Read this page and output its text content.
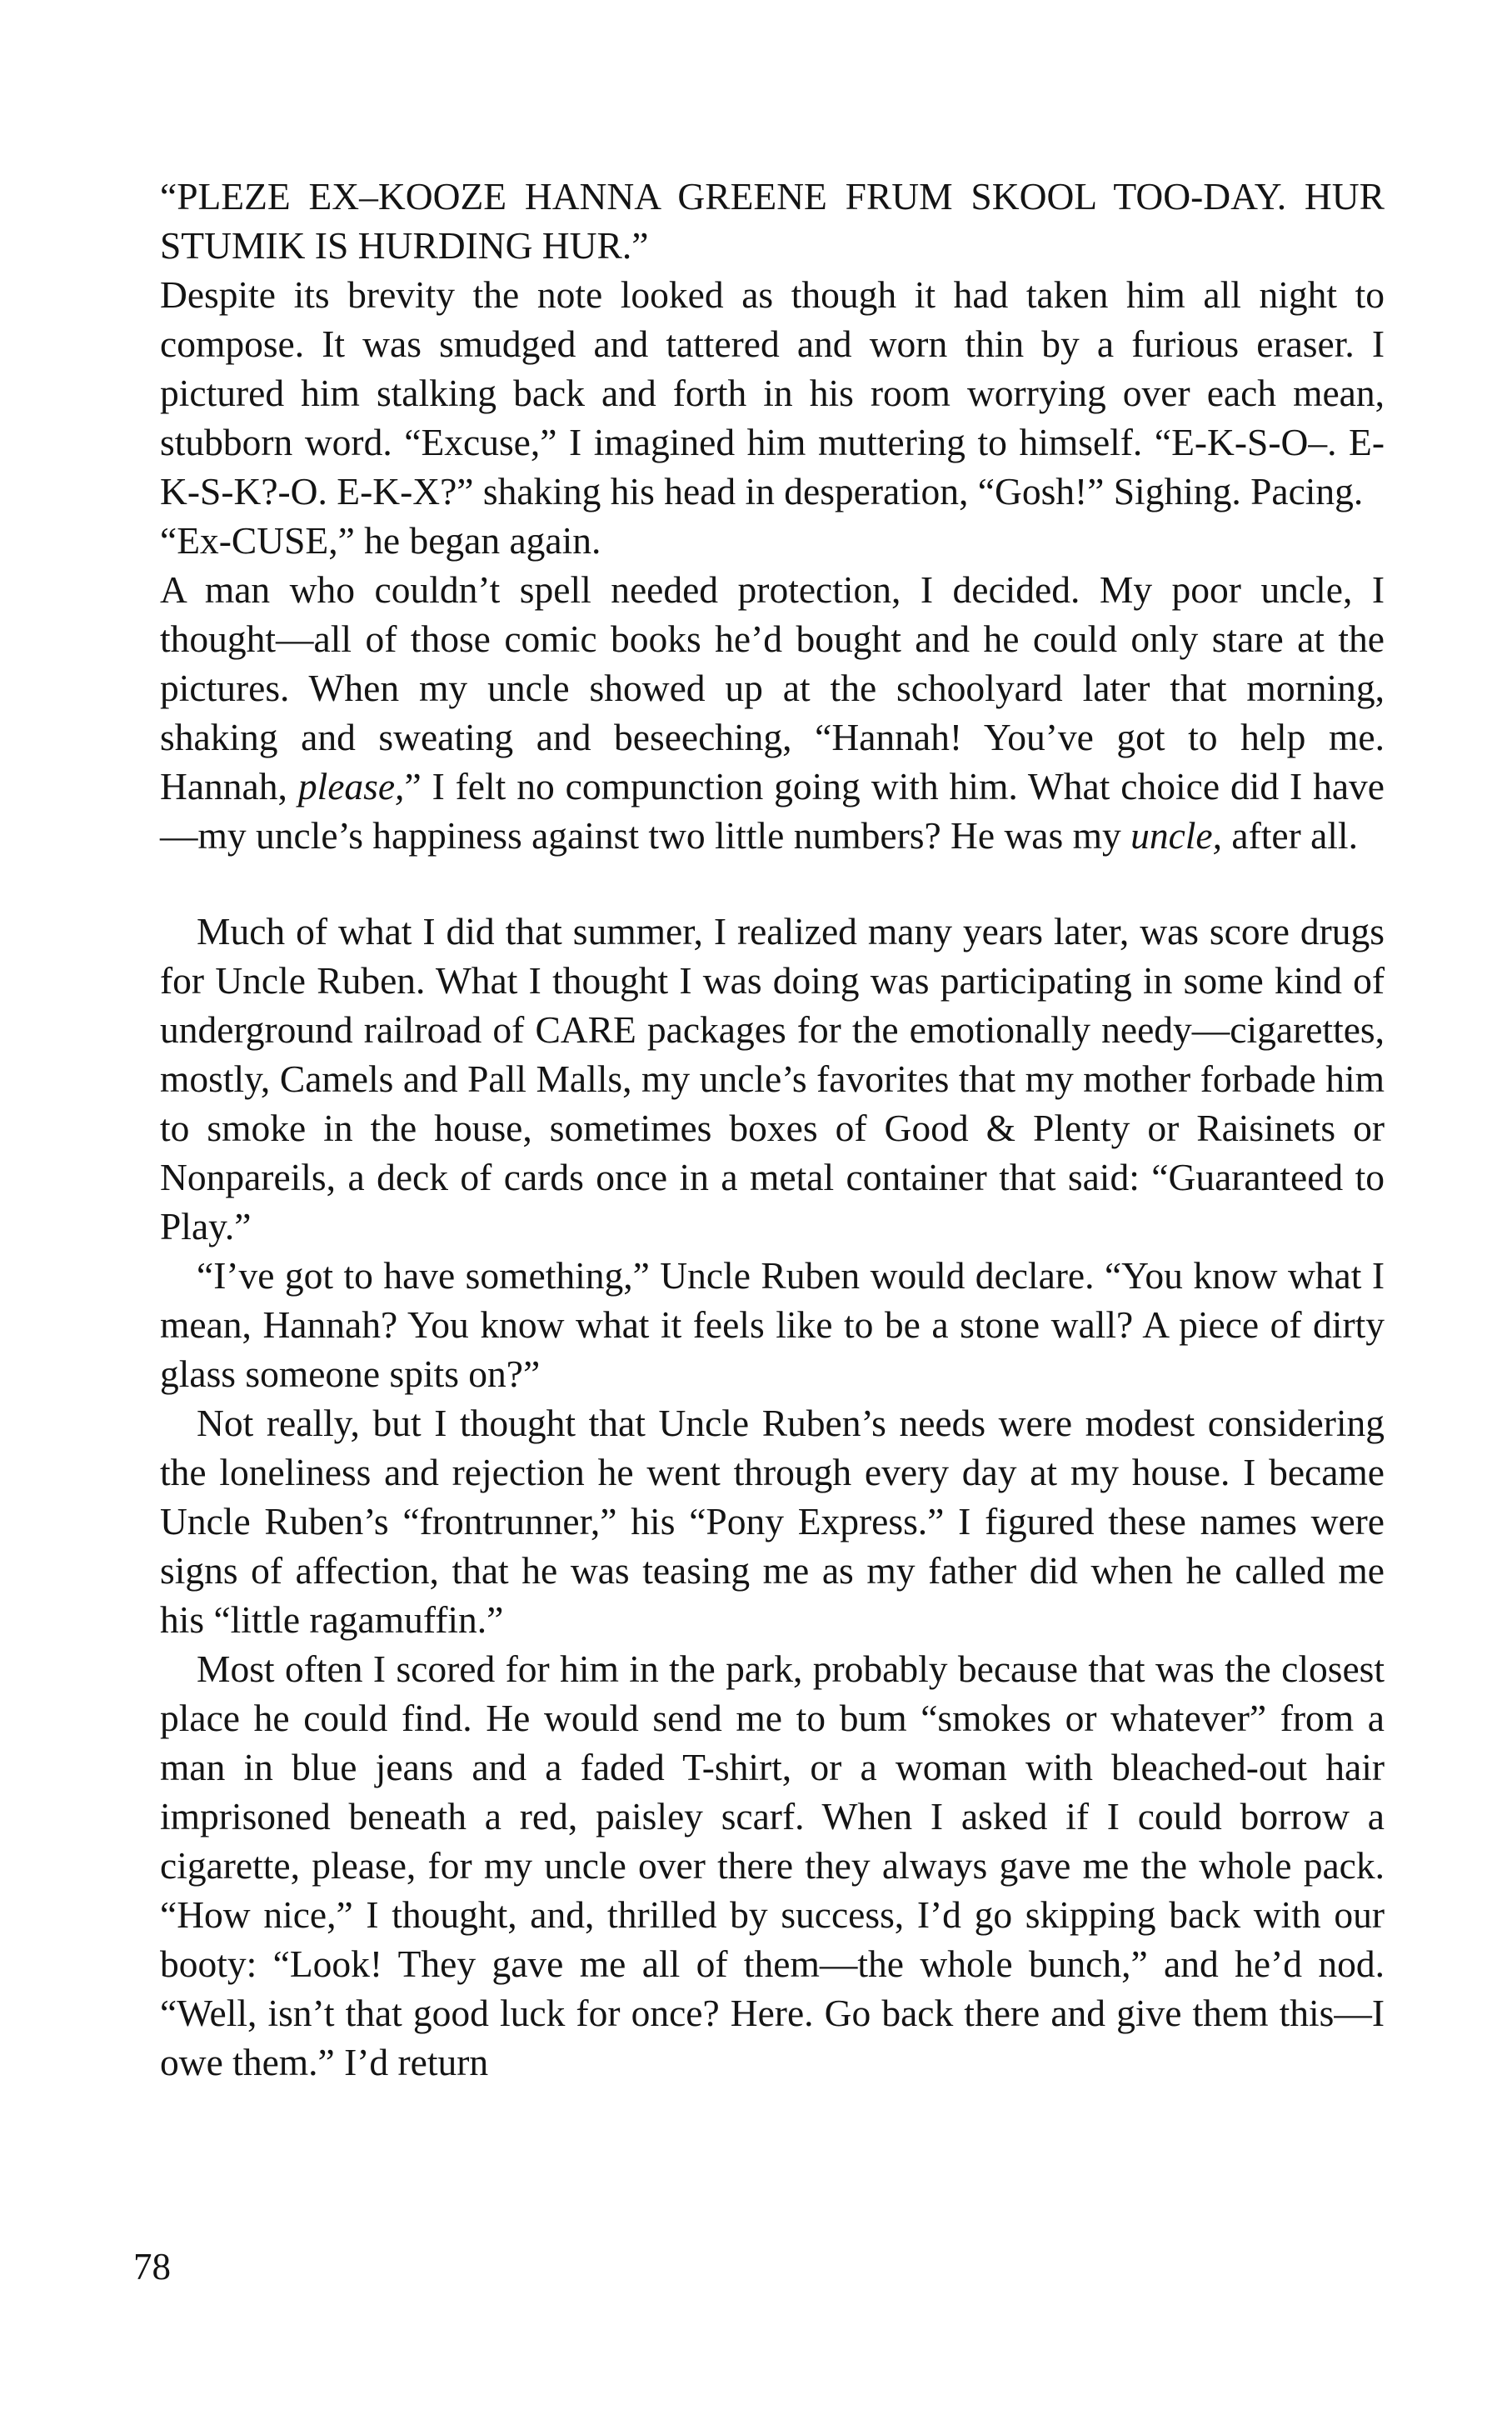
“PLEZE EX–KOOZE HANNA GREENE FRUM SKOOL TOO-DAY. HUR STUMIK IS HURDING HUR.”

Despite its brevity the note looked as though it had taken him all night to compose. It was smudged and tattered and worn thin by a furious eraser. I pictured him stalking back and forth in his room worrying over each mean, stubborn word. “Excuse,” I imagined him muttering to himself. “E-K-S-O–. E-K-S-K?-O. E-K-X?” shaking his head in desperation, “Gosh!” Sighing. Pacing.

“Ex-CUSE,” he began again.

A man who couldn’t spell needed protection, I decided. My poor uncle, I thought—all of those comic books he’d bought and he could only stare at the pictures. When my uncle showed up at the schoolyard later that morning, shaking and sweating and beseeching, “Hannah! You’ve got to help me. Hannah, please,” I felt no compunction going with him. What choice did I have—my uncle’s happiness against two little numbers? He was my uncle, after all.

Much of what I did that summer, I realized many years later, was score drugs for Uncle Ruben. What I thought I was doing was participating in some kind of underground railroad of CARE packages for the emotionally needy—cigarettes, mostly, Camels and Pall Malls, my uncle’s favorites that my mother forbade him to smoke in the house, sometimes boxes of Good & Plenty or Raisinets or Nonpareils, a deck of cards once in a metal container that said: “Guaranteed to Play.”

“I’ve got to have something,” Uncle Ruben would declare. “You know what I mean, Hannah? You know what it feels like to be a stone wall? A piece of dirty glass someone spits on?”

Not really, but I thought that Uncle Ruben’s needs were modest considering the loneliness and rejection he went through every day at my house. I became Uncle Ruben’s “frontrunner,” his “Pony Express.” I figured these names were signs of affection, that he was teasing me as my father did when he called me his “little ragamuffin.”

Most often I scored for him in the park, probably because that was the closest place he could find. He would send me to bum “smokes or whatever” from a man in blue jeans and a faded T-shirt, or a woman with bleached-out hair imprisoned beneath a red, paisley scarf. When I asked if I could borrow a cigarette, please, for my uncle over there they always gave me the whole pack. “How nice,” I thought, and, thrilled by success, I’d go skipping back with our booty: “Look! They gave me all of them—the whole bunch,” and he’d nod. “Well, isn’t that good luck for once? Here. Go back there and give them this—I owe them.” I’d return

78
